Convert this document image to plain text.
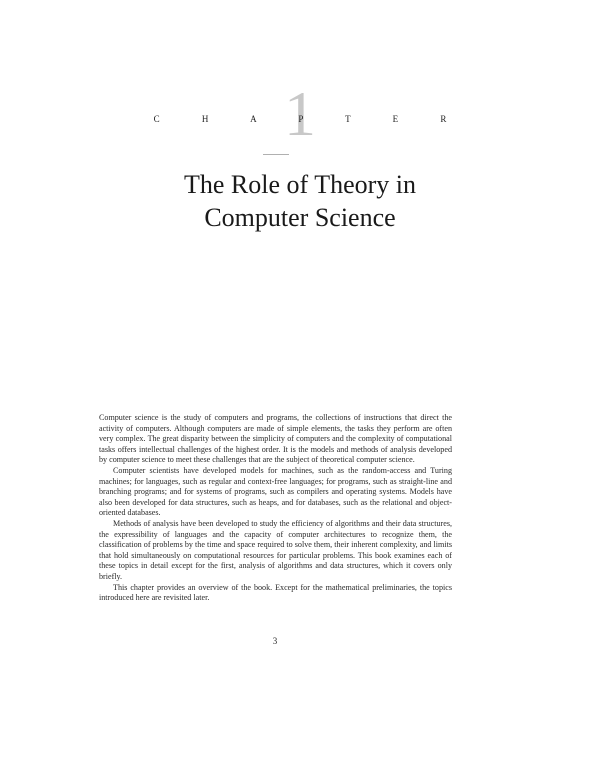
1
C H A P T E R
The Role of Theory in
Computer Science

Computer science is the study of computers and programs, the collections of instructions that direct the activity of computers. Although computers are made of simple elements, the tasks they perform are often very complex. The great disparity between the simplicity of computers and the complexity of computational tasks offers intellectual challenges of the highest order. It is the models and methods of analysis developed by computer science to meet these challenges that are the subject of theoretical computer science.

Computer scientists have developed models for machines, such as the random-access and Turing machines; for languages, such as regular and context-free languages; for programs, such as straight-line and branching programs; and for systems of programs, such as compilers and operating systems. Models have also been developed for data structures, such as heaps, and for databases, such as the relational and object-oriented databases.

Methods of analysis have been developed to study the efficiency of algorithms and their data structures, the expressibility of languages and the capacity of computer architectures to recognize them, the classification of problems by the time and space required to solve them, their inherent complexity, and limits that hold simultaneously on computational resources for particular problems. This book examines each of these topics in detail except for the first, analysis of algorithms and data structures, which it covers only briefly.

This chapter provides an overview of the book. Except for the mathematical preliminaries, the topics introduced here are revisited later.

3
